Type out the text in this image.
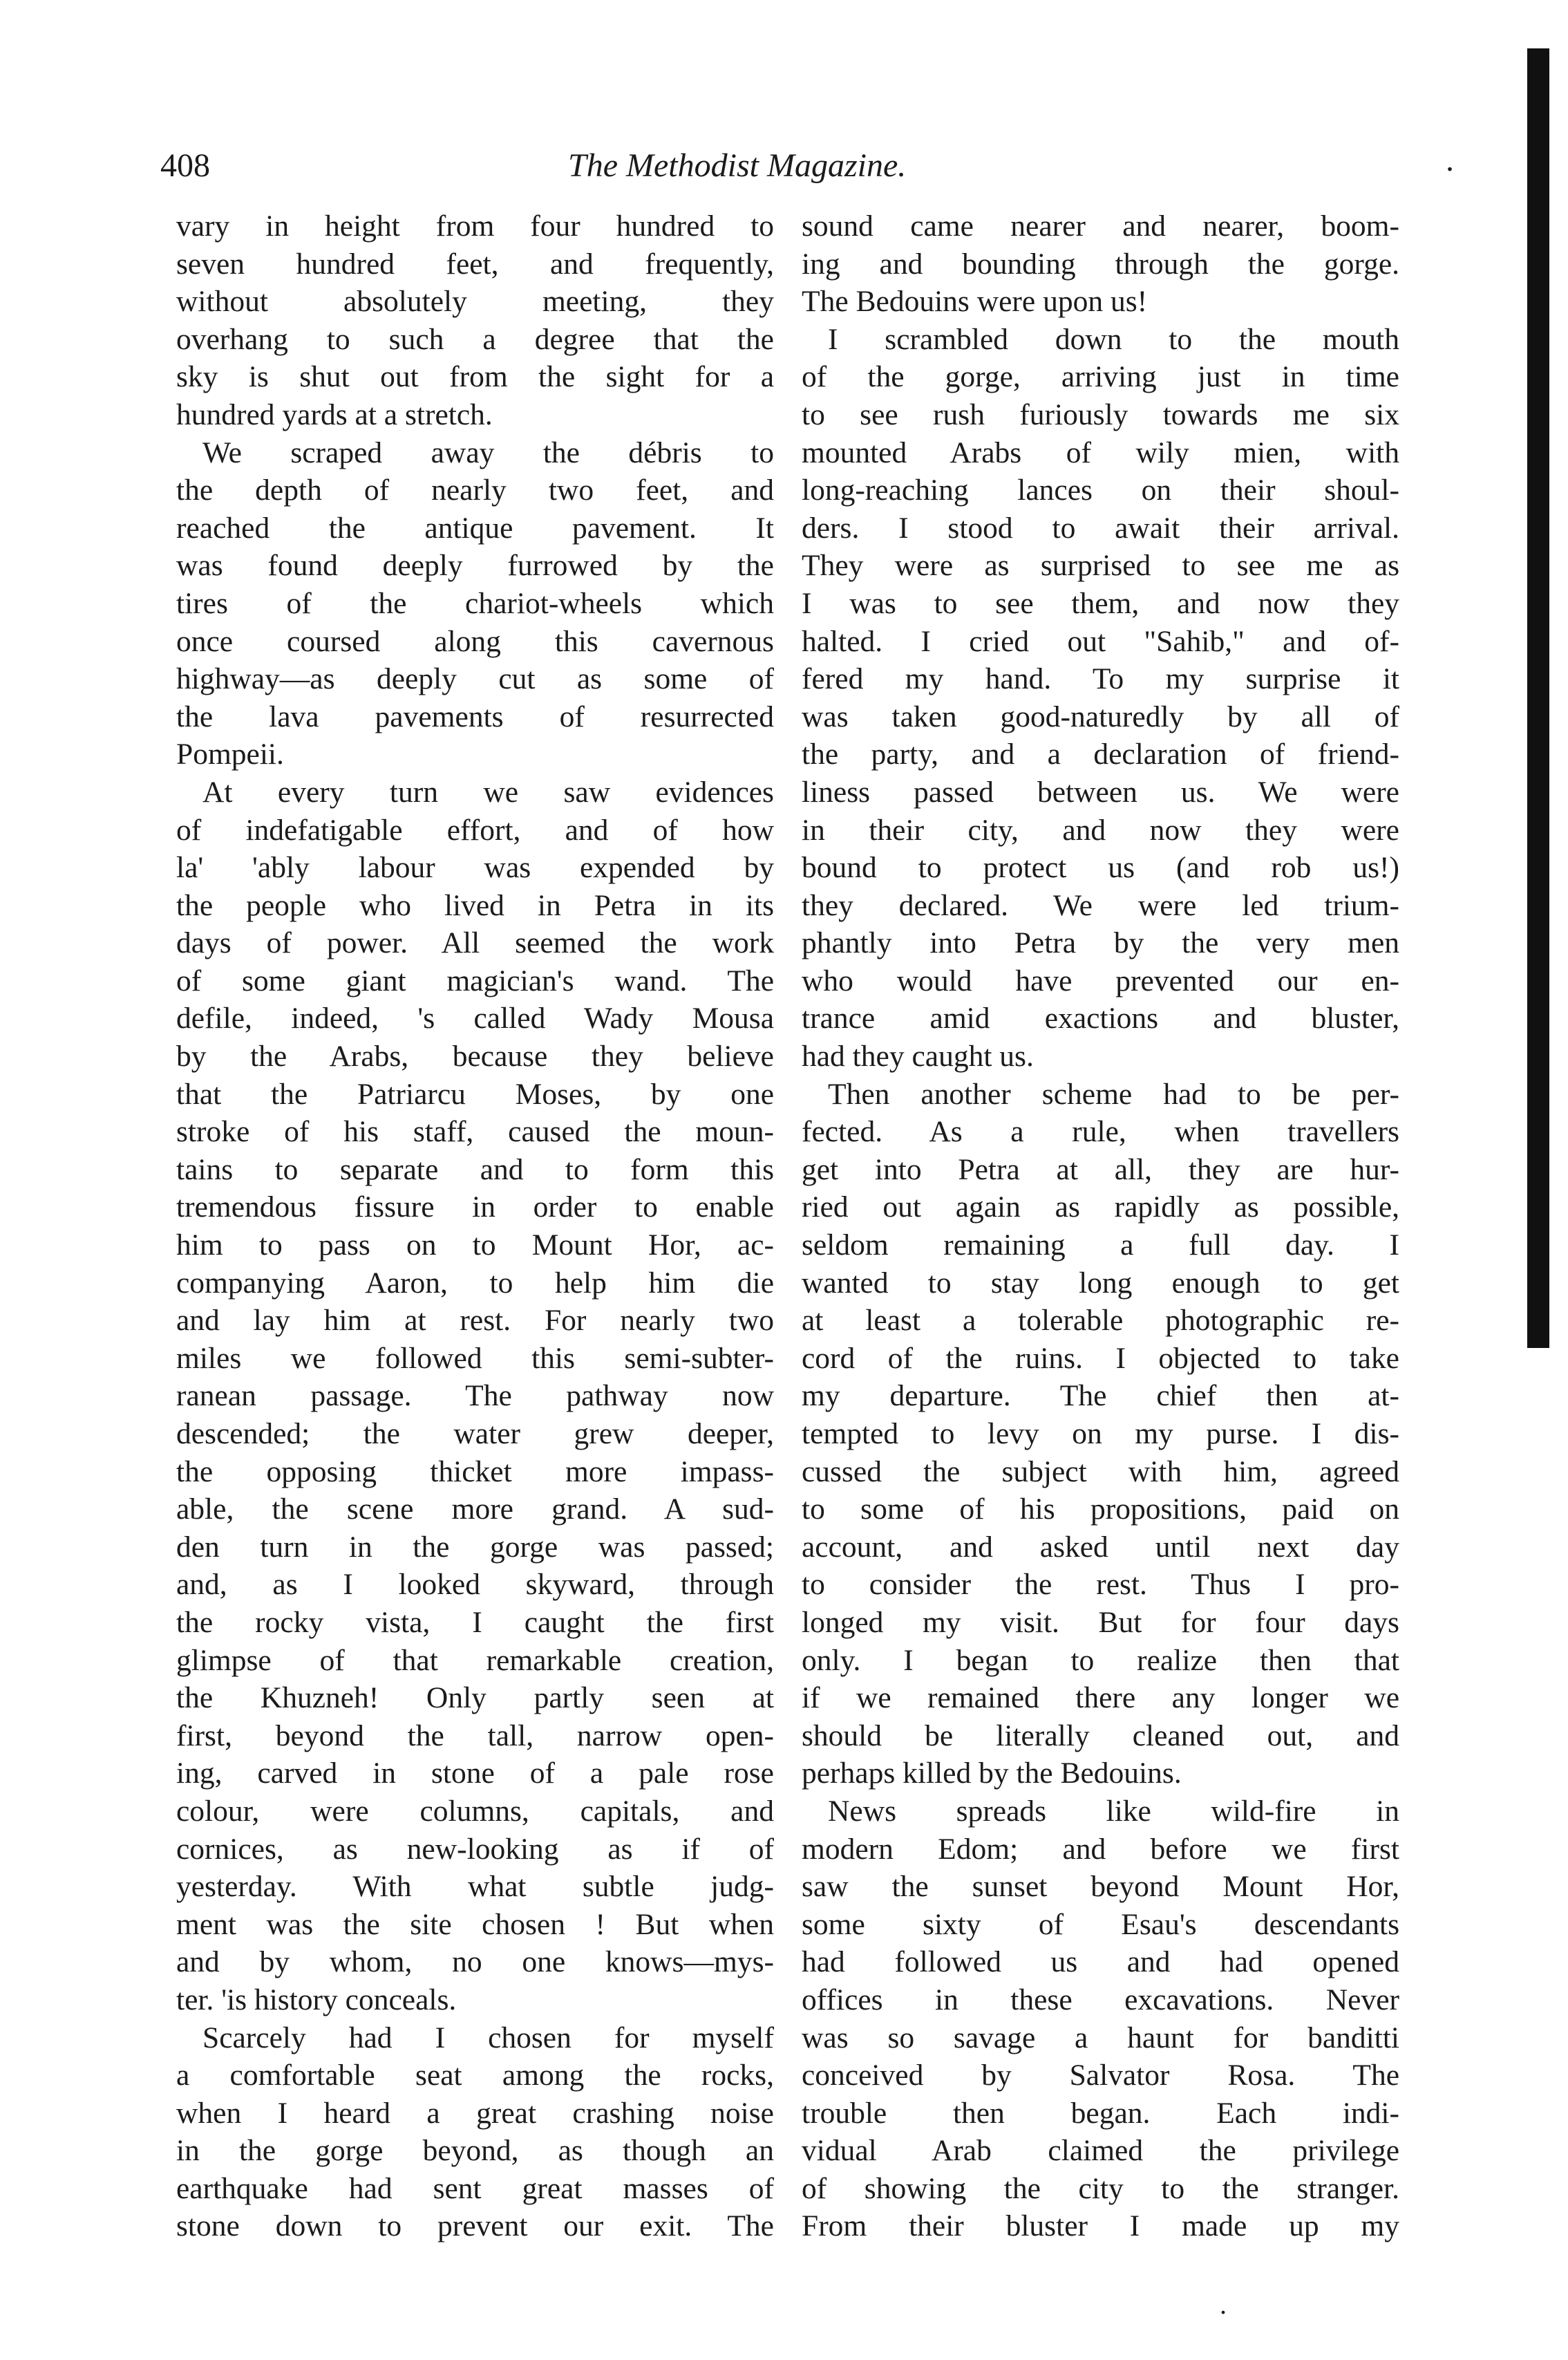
408	The Methodist Magazine.	.
vary in height from four hundred to
seven hundred feet, and frequently,
without absolutely meeting, they
overhang to such a degree that the
sky is shut out from the sight for a
hundred yards at a stretch.
We scraped away the débris to
the depth of nearly two feet, and
reached the antique pavement. It
was found deeply furrowed by the
tires of the chariot-wheels which
once coursed along this cavernous
highway—as deeply cut as some of
the lava pavements of resurrected
Pompeii.
At every turn we saw evidences
of indefatigable effort, and of how
la' 'ably labour was expended by
the people who lived in Petra in its
days of power. All seemed the work
of some giant magician's wand. The
defile, indeed, 's called Wady Mousa
by the Arabs, because they believe
that the Patriarcu Moses, by one
stroke of his staff, caused the moun-
tains to separate and to form this
tremendous fissure in order to enable
him to pass on to Mount Hor, ac-
companying Aaron, to help him die
and lay him at rest. For nearly two
miles we followed this semi-subter-
ranean passage. The pathway now
descended; the water grew deeper,
the opposing thicket more impass-
able, the scene more grand. A sud-
den turn in the gorge was passed;
and, as I looked skyward, through
the rocky vista, I caught the first
glimpse of that remarkable creation,
the Khuzneh! Only partly seen at
first, beyond the tall, narrow open-
ing, carved in stone of a pale rose
colour, were columns, capitals, and
cornices, as new-looking as if of
yesterday. With what subtle judg-
ment was the site chosen ! But when
and by whom, no one knows—mys-
ter. 'is history conceals.
Scarcely had I chosen for myself
a comfortable seat among the rocks,
when I heard a great crashing noise
in the gorge beyond, as though an
earthquake had sent great masses of
stone down to prevent our exit. The
sound came nearer and nearer, boom-
ing and bounding through the gorge.
The Bedouins were upon us!
I scrambled down to the mouth
of the gorge, arriving just in time
to see rush furiously towards me six
mounted Arabs of wily mien, with
long-reaching lances on their shoul-
ders. I stood to await their arrival.
They were as surprised to see me as
I was to see them, and now they
halted. I cried out "Sahib," and of-
fered my hand. To my surprise it
was taken good-naturedly by all of
the party, and a declaration of friend-
liness passed between us. We were
in their city, and now they were
bound to protect us (and rob us!)
they declared. We were led trium-
phantly into Petra by the very men
who would have prevented our en-
trance amid exactions and bluster,
had they caught us.
Then another scheme had to be per-
fected. As a rule, when travellers
get into Petra at all, they are hur-
ried out again as rapidly as possible,
seldom remaining a full day. I
wanted to stay long enough to get
at least a tolerable photographic re-
cord of the ruins. I objected to take
my departure. The chief then at-
tempted to levy on my purse. I dis-
cussed the subject with him, agreed
to some of his propositions, paid on
account, and asked until next day
to consider the rest. Thus I pro-
longed my visit. But for four days
only. I began to realize then that
if we remained there any longer we
should be literally cleaned out, and
perhaps killed by the Bedouins.
News spreads like wild-fire in
modern Edom; and before we first
saw the sunset beyond Mount Hor,
some sixty of Esau's descendants
had followed us and had opened
offices in these excavations. Never
was so savage a haunt for banditti
conceived by Salvator Rosa. The
trouble then began. Each indi-
vidual Arab claimed the privilege
of showing the city to the stranger.
From their bluster I made up my
.
